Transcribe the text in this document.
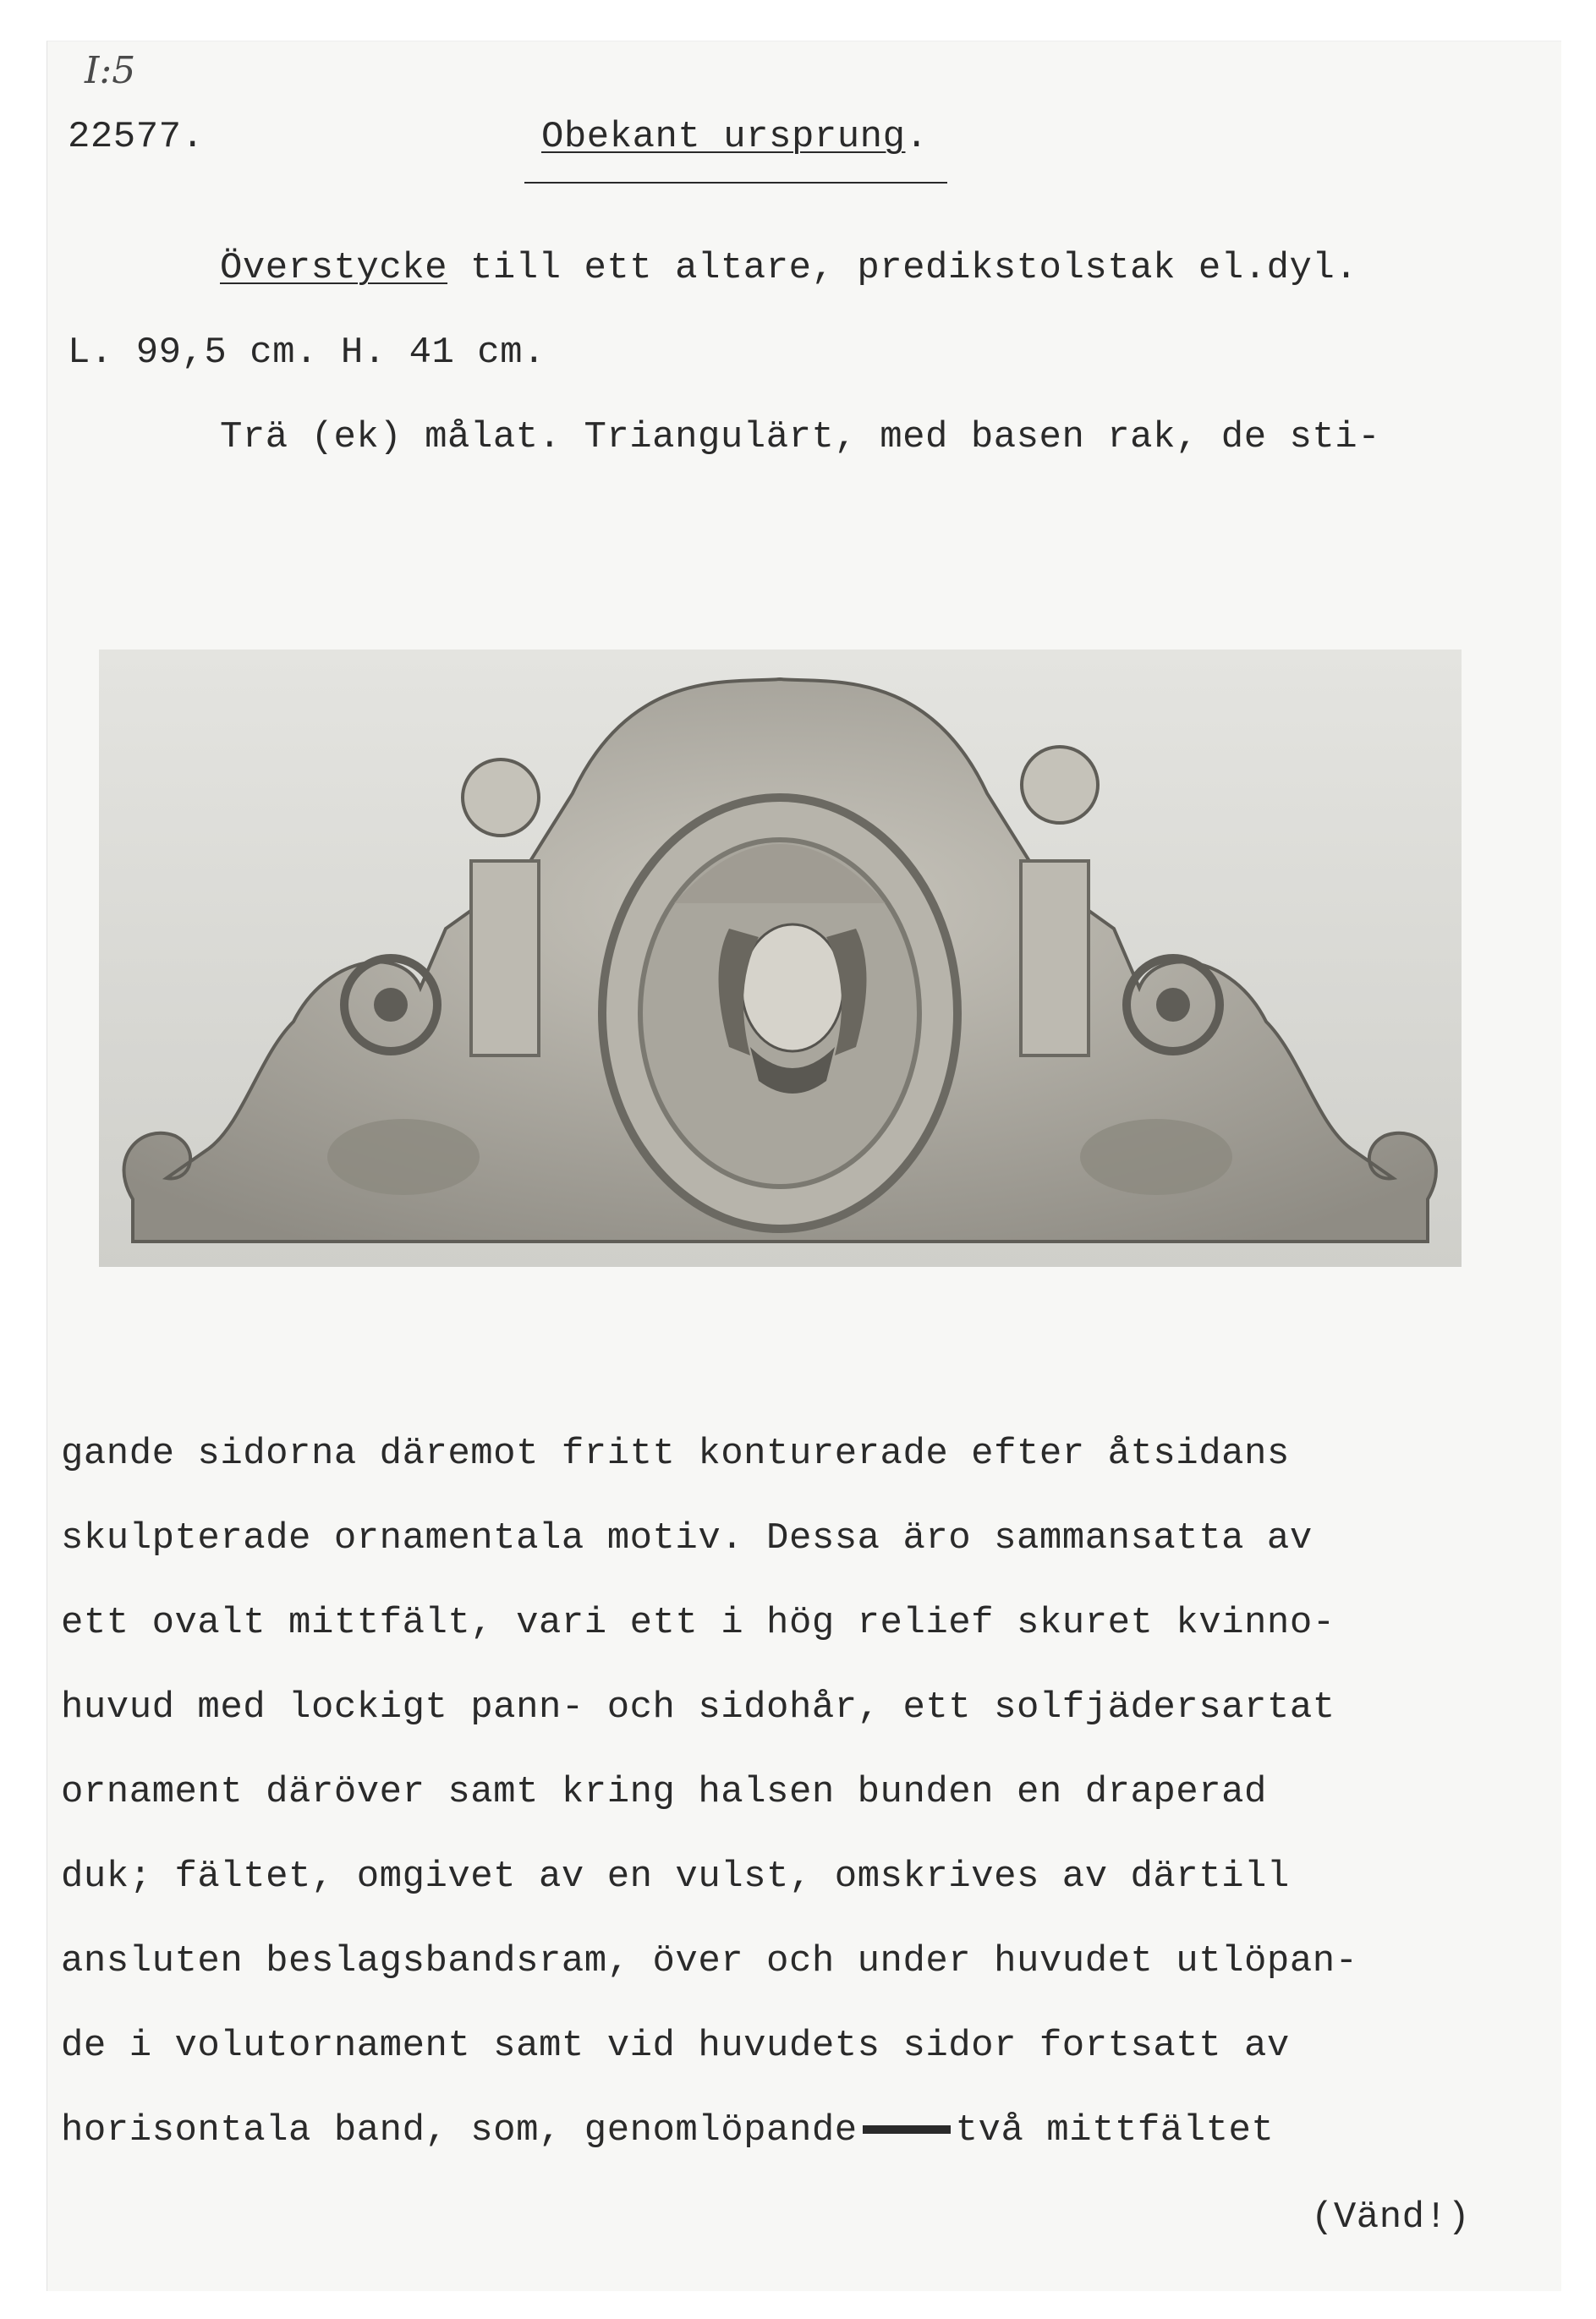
I:5
22577.	Obekant ursprung.
Överstycke till ett altare, predikstolstak el.dyl.
L. 99,5 cm. H. 41 cm.
Trä (ek) målat. Triangulärt, med basen rak, de sti-
gande sidorna däremot fritt konturerade efter åtsidans
skulpterade ornamentala motiv. Dessa äro sammansatta av
ett ovalt mittfält, vari ett i hög relief skuret kvinno-
huvud med lockigt pann- och sidohår, ett solfjädersartat
ornament däröver samt kring halsen bunden en draperad
duk; fältet, omgivet av en vulst, omskrives av därtill
ansluten beslagsbandsram, över och under huvudet utlöpan-
de i volutornament samt vid huvudets sidor fortsatt av
horisontala band, som, genomlöpande	två mittfältet
(Vänd!)
